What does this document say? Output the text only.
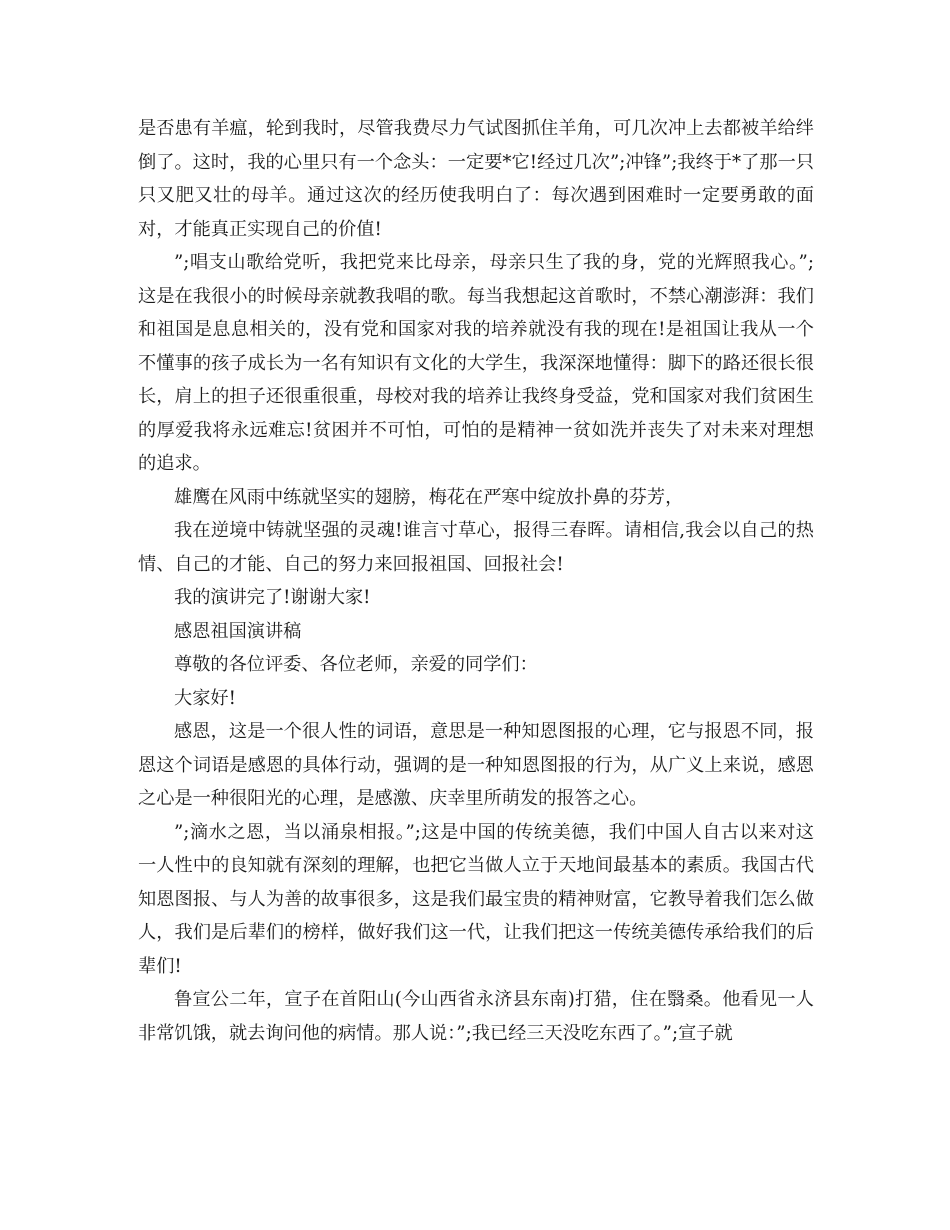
是否患有羊瘟，轮到我时，尽管我费尽力气试图抓住羊角，可几次冲上去都被羊给绊倒了。这时，我的心里只有一个念头：一定要*它!经过几次”;冲锋”;我终于*了那一只只又肥又壮的母羊。通过这次的经历使我明白了：每次遇到困难时一定要勇敢的面对，才能真正实现自己的价值!

”;唱支山歌给党听，我把党来比母亲，母亲只生了我的身，党的光辉照我心。”;这是在我很小的时候母亲就教我唱的歌。每当我想起这首歌时，不禁心潮澎湃：我们和祖国是息息相关的，没有党和国家对我的培养就没有我的现在!是祖国让我从一个不懂事的孩子成长为一名有知识有文化的大学生，我深深地懂得：脚下的路还很长很长，肩上的担子还很重很重，母校对我的培养让我终身受益，党和国家对我们贫困生的厚爱我将永远难忘!贫困并不可怕，可怕的是精神一贫如洗并丧失了对未来对理想的追求。

雄鹰在风雨中练就坚实的翅膀，梅花在严寒中绽放扑鼻的芬芳，

我在逆境中铸就坚强的灵魂!谁言寸草心，报得三春晖。请相信,我会以自己的热情、自己的才能、自己的努力来回报祖国、回报社会!

我的演讲完了!谢谢大家!

感恩祖国演讲稿

尊敬的各位评委、各位老师，亲爱的同学们：

大家好!

感恩，这是一个很人性的词语，意思是一种知恩图报的心理，它与报恩不同，报恩这个词语是感恩的具体行动，强调的是一种知恩图报的行为，从广义上来说，感恩之心是一种很阳光的心理，是感激、庆幸里所萌发的报答之心。

”;滴水之恩，当以涌泉相报。”;这是中国的传统美德，我们中国人自古以来对这一人性中的良知就有深刻的理解，也把它当做人立于天地间最基本的素质。我国古代知恩图报、与人为善的故事很多，这是我们最宝贵的精神财富，它教导着我们怎么做人，我们是后辈们的榜样，做好我们这一代，让我们把这一传统美德传承给我们的后辈们!

鲁宣公二年，宣子在首阳山(今山西省永济县东南)打猎，住在翳桑。他看见一人非常饥饿，就去询问他的病情。那人说：”;我已经三天没吃东西了。”;宣子就
